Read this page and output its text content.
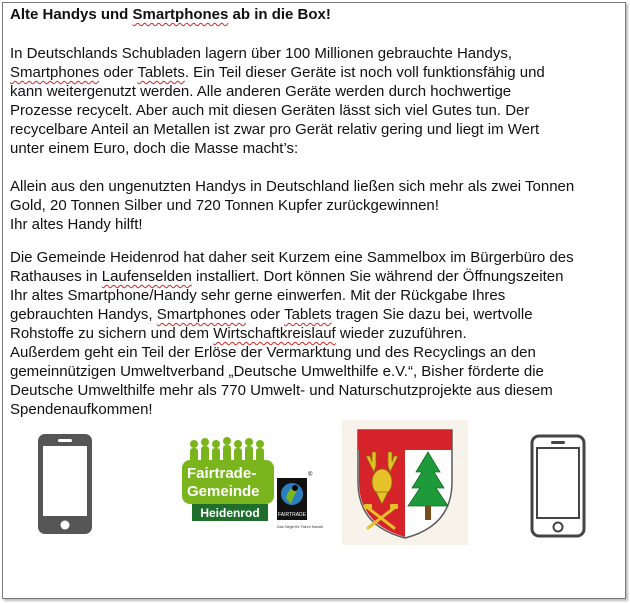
Alte Handys und Smartphones ab in die Box!
In Deutschlands Schubladen lagern über 100 Millionen gebrauchte Handys,
Smartphones oder Tablets. Ein Teil dieser Geräte ist noch voll funktionsfähig und
kann weitergenutzt werden. Alle anderen Geräte werden durch hochwertige
Prozesse recycelt. Aber auch mit diesen Geräten lässt sich viel Gutes tun. Der
recycelbare Anteil an Metallen ist zwar pro Gerät relativ gering und liegt im Wert
unter einem Euro, doch die Masse macht’s:
Allein aus den ungenutzten Handys in Deutschland ließen sich mehr als zwei Tonnen
Gold, 20 Tonnen Silber und 720 Tonnen Kupfer zurückgewinnen!
Ihr altes Handy hilft!
Die Gemeinde Heidenrod hat daher seit Kurzem eine Sammelbox im Bürgerbüro des
Rathauses in Laufenselden installiert. Dort können Sie während der Öffnungszeiten
Ihr altes Smartphone/Handy sehr gerne einwerfen. Mit der Rückgabe Ihres
gebrauchten Handys, Smartphones oder Tablets tragen Sie dazu bei, wertvolle
Rohstoffe zu sichern und dem Wirtschaftkreislauf wieder zuzuführen.
Außerdem geht ein Teil der Erlöse der Vermarktung und des Recyclings an den
gemeinnützigen Umweltverband „Deutsche Umwelthilfe e.V.“, Bisher förderte die
Deutsche Umwelthilfe mehr als 770 Umwelt- und Naturschutzprojekte aus diesem
Spendenaufkommen!
Fairtrade-
Gemeinde
Heidenrod	FAIRTRADE
®
Das Siegel für Fairen Handel
